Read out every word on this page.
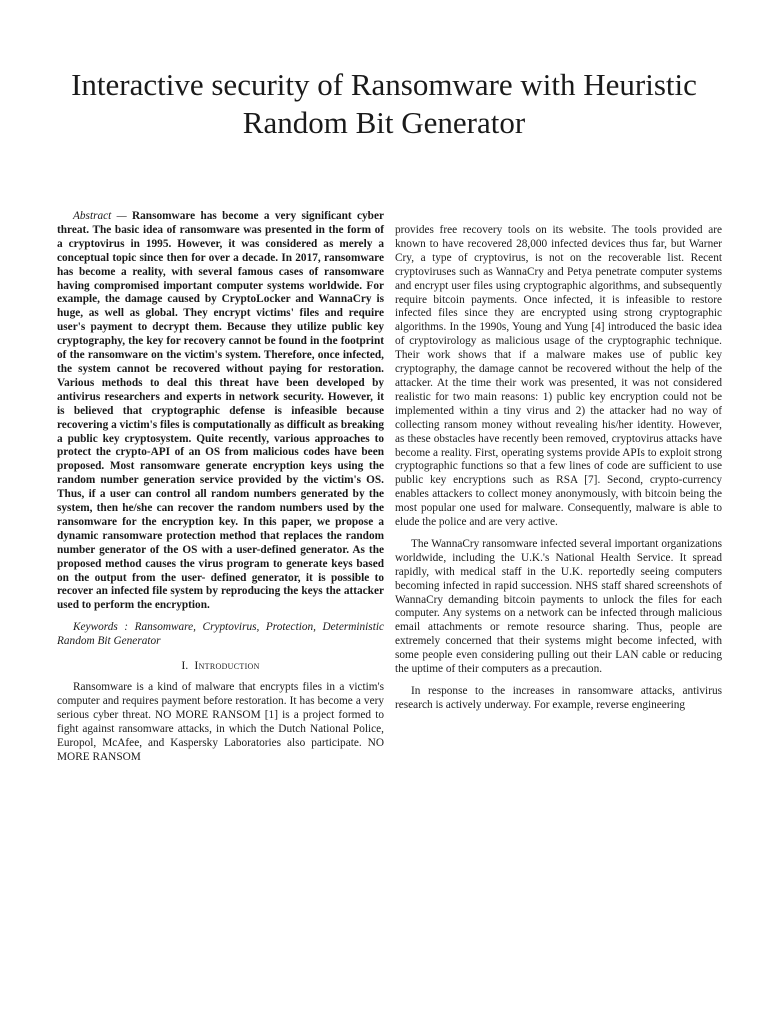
Interactive security of Ransomware with Heuristic
Random Bit Generator

Abstract — Ransomware has become a very significant cyber threat. The basic idea of ransomware was presented in the form of a cryptovirus in 1995. However, it was considered as merely a conceptual topic since then for over a decade. In 2017, ransomware has become a reality, with several famous cases of ransomware having compromised important computer systems worldwide. For example, the damage caused by CryptoLocker and WannaCry is huge, as well as global. They encrypt victims' files and require user's payment to decrypt them. Because they utilize public key cryptography, the key for recovery cannot be found in the footprint of the ransomware on the victim's system. Therefore, once infected, the system cannot be recovered without paying for restoration. Various methods to deal this threat have been developed by antivirus researchers and experts in network security. However, it is believed that cryptographic defense is infeasible because recovering a victim's files is computationally as difficult as breaking a public key cryptosystem. Quite recently, various approaches to protect the crypto-API of an OS from malicious codes have been proposed. Most ransomware generate encryption keys using the random number generation service provided by the victim's OS. Thus, if a user can control all random numbers generated by the system, then he/she can recover the random numbers used by the ransomware for the encryption key. In this paper, we propose a dynamic ransomware protection method that replaces the random number generator of the OS with a user-defined generator. As the proposed method causes the virus program to generate keys based on the output from the user- defined generator, it is possible to recover an infected file system by reproducing the keys the attacker used to perform the encryption.

Keywords : Ransomware, Cryptovirus, Protection, Deterministic Random Bit Generator

I. Introduction

Ransomware is a kind of malware that encrypts files in a victim's computer and requires payment before restoration. It has become a very serious cyber threat. NO MORE RANSOM [1] is a project formed to fight against ransomware attacks, in which the Dutch National Police, Europol, McAfee, and Kaspersky Laboratories also participate. NO MORE RANSOM

provides free recovery tools on its website. The tools provided are known to have recovered 28,000 infected devices thus far, but Warner Cry, a type of cryptovirus, is not on the recoverable list. Recent cryptoviruses such as WannaCry and Petya penetrate computer systems and encrypt user files using cryptographic algorithms, and subsequently require bitcoin payments. Once infected, it is infeasible to restore infected files since they are encrypted using strong cryptographic algorithms. In the 1990s, Young and Yung [4] introduced the basic idea of cryptovirology as malicious usage of the cryptographic technique. Their work shows that if a malware makes use of public key cryptography, the damage cannot be recovered without the help of the attacker. At the time their work was presented, it was not considered realistic for two main reasons: 1) public key encryption could not be implemented within a tiny virus and 2) the attacker had no way of collecting ransom money without revealing his/her identity. However, as these obstacles have recently been removed, cryptovirus attacks have become a reality. First, operating systems provide APIs to exploit strong cryptographic functions so that a few lines of code are sufficient to use public key encryptions such as RSA [7]. Second, crypto-currency enables attackers to collect money anonymously, with bitcoin being the most popular one used for malware. Consequently, malware is able to elude the police and are very active.

The WannaCry ransomware infected several important organizations worldwide, including the U.K.'s National Health Service. It spread rapidly, with medical staff in the U.K. reportedly seeing computers becoming infected in rapid succession. NHS staff shared screenshots of WannaCry demanding bitcoin payments to unlock the files for each computer. Any systems on a network can be infected through malicious email attachments or remote resource sharing. Thus, people are extremely concerned that their systems might become infected, with some people even considering pulling out their LAN cable or reducing the uptime of their computers as a precaution.

In response to the increases in ransomware attacks, antivirus research is actively underway. For example, reverse engineering
